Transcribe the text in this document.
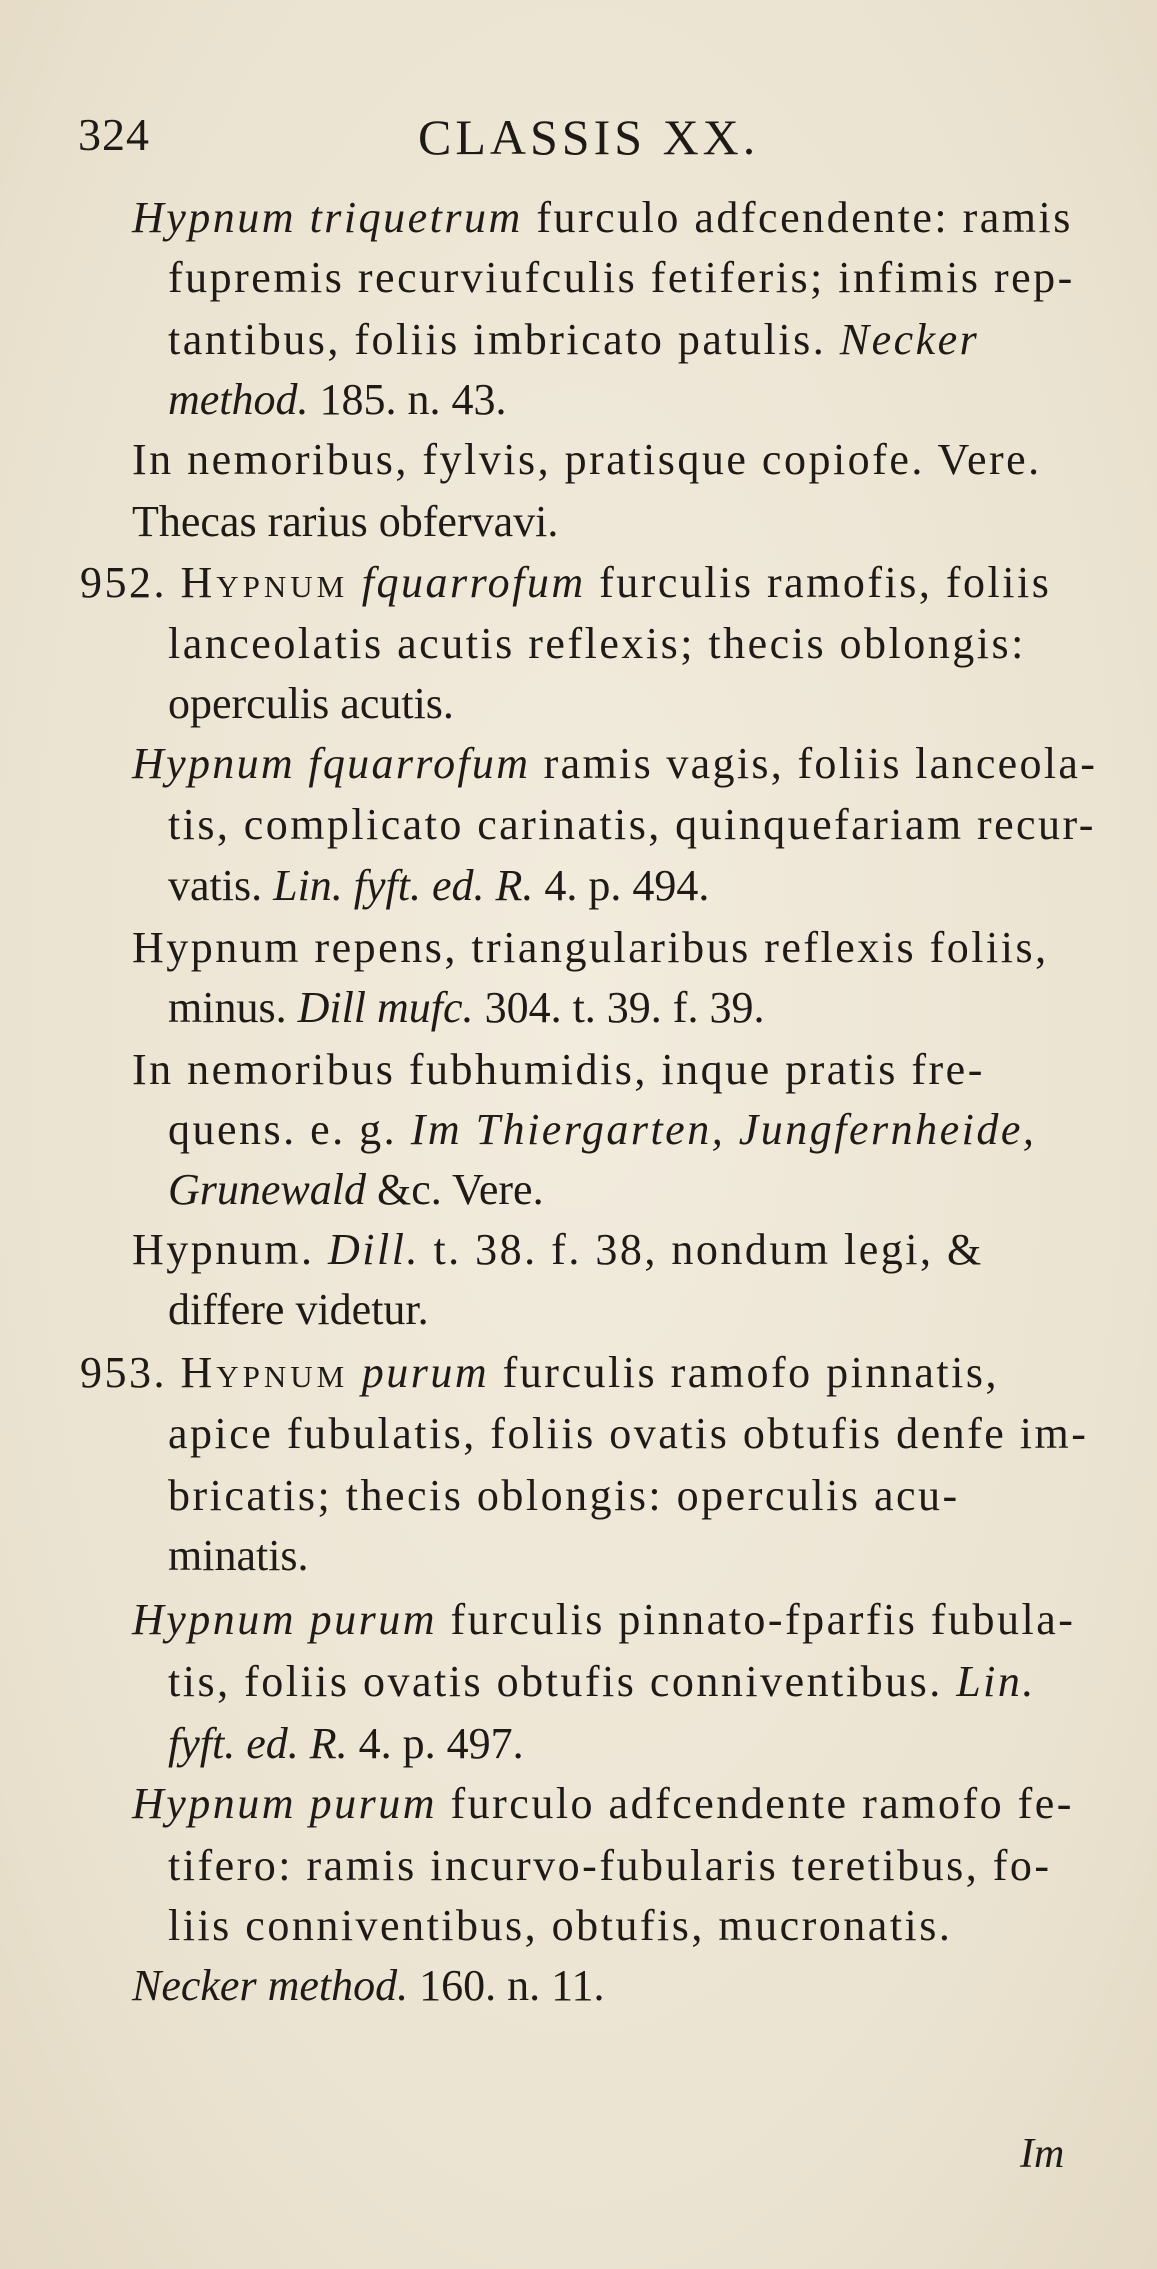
324	CLASSIS XX.
Hypnum triquetrum furculo adfcendente: ramis
fupremis recurviufculis fetiferis; infimis rep-
tantibus, foliis imbricato patulis. Necker
method. 185. n. 43.
In nemoribus, fylvis, pratisque copiofe. Vere.
Thecas rarius obfervavi.
952. Hypnum fquarrofum furculis ramofis, foliis
lanceolatis acutis reflexis; thecis oblongis:
operculis acutis.
Hypnum fquarrofum ramis vagis, foliis lanceola-
tis, complicato carinatis, quinquefariam recur-
vatis. Lin. fyft. ed. R. 4. p. 494.
Hypnum repens, triangularibus reflexis foliis,
minus. Dill mufc. 304. t. 39. f. 39.
In nemoribus fubhumidis, inque pratis fre-
quens. e. g. Im Thiergarten, Jungfernheide,
Grunewald &c. Vere.
Hypnum. Dill. t. 38. f. 38, nondum legi, &
differe videtur.
953. Hypnum purum furculis ramofo pinnatis,
apice fubulatis, foliis ovatis obtufis denfe im-
bricatis; thecis oblongis: operculis acu-
minatis.
Hypnum purum furculis pinnato-fparfis fubula-
tis, foliis ovatis obtufis conniventibus. Lin.
fyft. ed. R. 4. p. 497.
Hypnum purum furculo adfcendente ramofo fe-
tifero: ramis incurvo-fubularis teretibus, fo-
liis conniventibus, obtufis, mucronatis.
Necker method. 160. n. 11.
Im
